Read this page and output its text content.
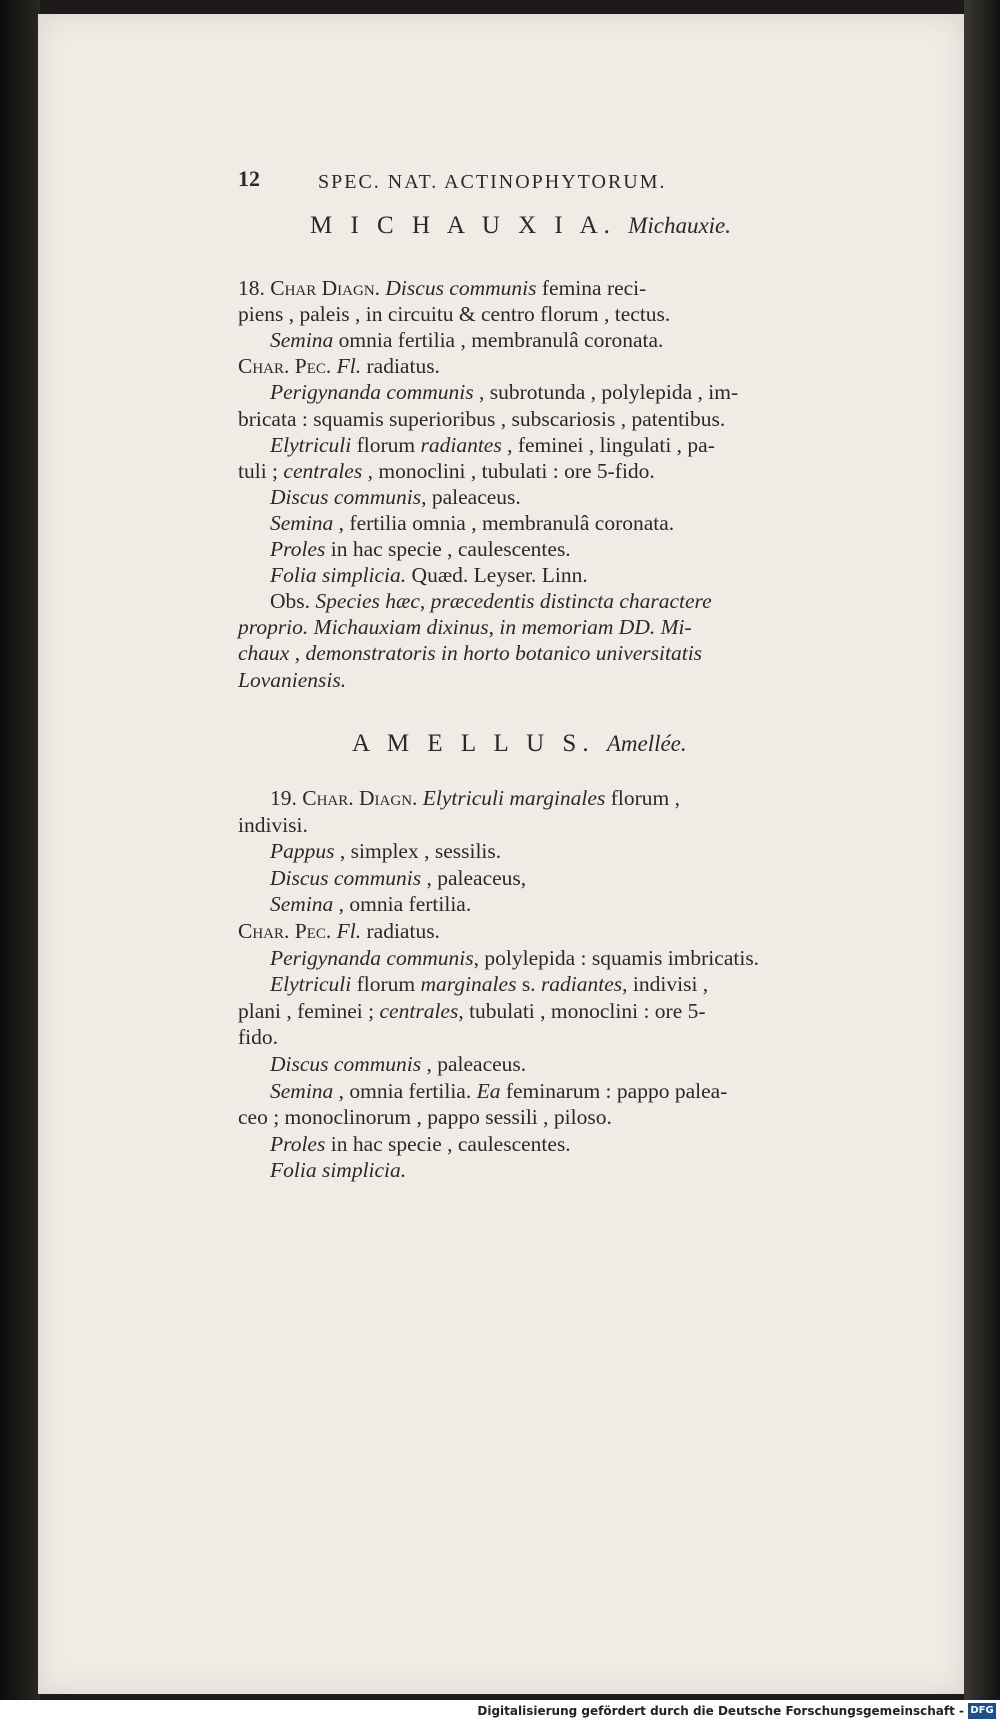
12	SPEC. NAT. ACTINOPHYTORUM.
M I C H A U X I A. Michauxie.
18. Char Diagn. Discus communis femina reci-
piens , paleis , in circuitu & centro florum , tectus.
Semina omnia fertilia , membranulâ coronata.
Char. Pec. Fl. radiatus.
Perigynanda communis , subrotunda , polylepida , im-
bricata : squamis superioribus , subscariosis , patentibus.
Elytriculi florum radiantes , feminei , lingulati , pa-
tuli ; centrales , monoclini , tubulati : ore 5-fido.
Discus communis, paleaceus.
Semina , fertilia omnia , membranulâ coronata.
Proles in hac specie , caulescentes.
Folia simplicia. Quæd. Leyser. Linn.
Obs. Species hæc, præcedentis distincta charactere
proprio. Michauxiam dixinus, in memoriam DD. Mi-
chaux , demonstratoris in horto botanico universitatis
Lovaniensis.
A M E L L U S. Amellée.
19. Char. Diagn. Elytriculi marginales florum ,
indivisi.
Pappus , simplex , sessilis.
Discus communis , paleaceus,
Semina , omnia fertilia.
Char. Pec. Fl. radiatus.
Perigynanda communis, polylepida : squamis imbricatis.
Elytriculi florum marginales s. radiantes, indivisi ,
plani , feminei ; centrales, tubulati , monoclini : ore 5-
fido.
Discus communis , paleaceus.
Semina , omnia fertilia. Ea feminarum : pappo palea-
ceo ; monoclinorum , pappo sessili , piloso.
Proles in hac specie , caulescentes.
Folia simplicia.
Digitalisierung gefördert durch die Deutsche Forschungsgemeinschaft - DFG
